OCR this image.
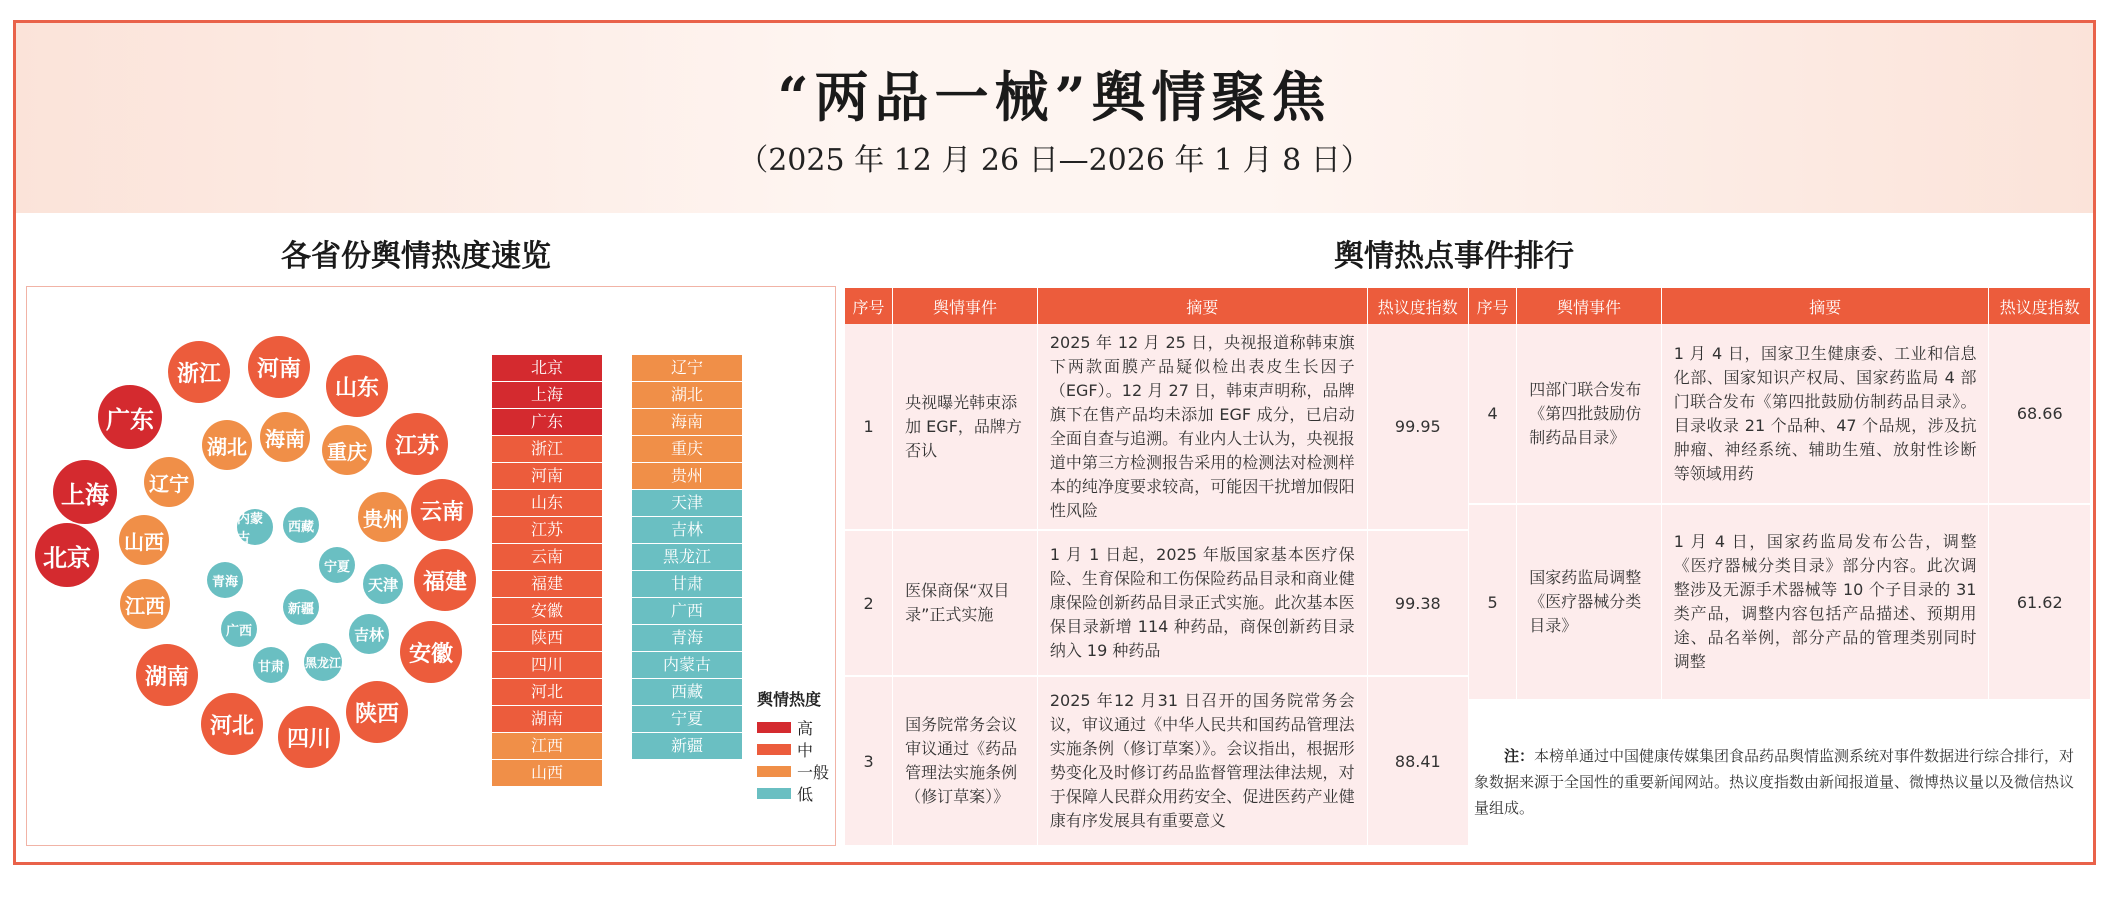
“两品一械”舆情聚焦
（2025 年 12 月 26 日—2026 年 1 月 8 日）
各省份舆情热度速览	舆情热点事件排行
北京
上海
广东
浙江	河南
山东
江苏
云南
福建
安徽
陕西
四川
河北
湖南
江西
山西
辽宁
湖北 海南
重庆
贵州
天津
吉林
黑龙江
甘肃
广西
青海
内蒙古
西藏
宁夏
新疆
北京
上海
广东
浙江
河南
山东
江苏
云南
福建
安徽
陕西
四川
河北
湖南
江西
山西
辽宁
湖北
海南
重庆
贵州
天津
吉林
黑龙江
甘肃
广西
青海
内蒙古
西藏
宁夏
新疆
舆情热度
高
中
一般
低
序号	舆情事件	摘要	热议度指数
1	央视曝光韩束添加 EGF，品牌方否认	2025 年 12 月 25 日，央视报道称韩束旗下两款面膜产品疑似检出表皮生长因子（EGF）。12 月 27 日，韩束声明称，品牌旗下在售产品均未添加 EGF 成分，已启动全面自查与追溯。有业内人士认为，央视报道中第三方检测报告采用的检测法对检测样本的纯净度要求较高，可能因干扰增加假阳性风险	99.95
2	医保商保“双目录”正式实施	1 月 1 日起，2025 年版国家基本医疗保险、生育保险和工伤保险药品目录和商业健康保险创新药品目录正式实施。此次基本医保目录新增 114 种药品，商保创新药目录纳入 19 种药品	99.38
3	国务院常务会议审议通过《药品管理法实施条例（修订草案）》	2025 年12 月31 日召开的国务院常务会议，审议通过《中华人民共和国药品管理法实施条例（修订草案）》。会议指出，根据形势变化及时修订药品监督管理法律法规，对于保障人民群众用药安全、促进医药产业健康有序发展具有重要意义	88.41
序号	舆情事件	摘要	热议度指数
4	四部门联合发布《第四批鼓励仿制药品目录》	1 月 4 日，国家卫生健康委、工业和信息化部、国家知识产权局、国家药监局 4 部门联合发布《第四批鼓励仿制药品目录》。目录收录 21 个品种、47 个品规，涉及抗肿瘤、神经系统、辅助生殖、放射性诊断等领域用药	68.66
5	国家药监局调整《医疗器械分类目录》	1 月 4 日，国家药监局发布公告，调整《医疗器械分类目录》部分内容。此次调整涉及无源手术器械等 10 个子目录的 31 类产品，调整内容包括产品描述、预期用途、品名举例，部分产品的管理类别同时调整	61.62
注：本榜单通过中国健康传媒集团食品药品舆情监测系统对事件数据进行综合排行，对象数据来源于全国性的重要新闻网站。热议度指数由新闻报道量、微博热议量以及微信热议量组成。
